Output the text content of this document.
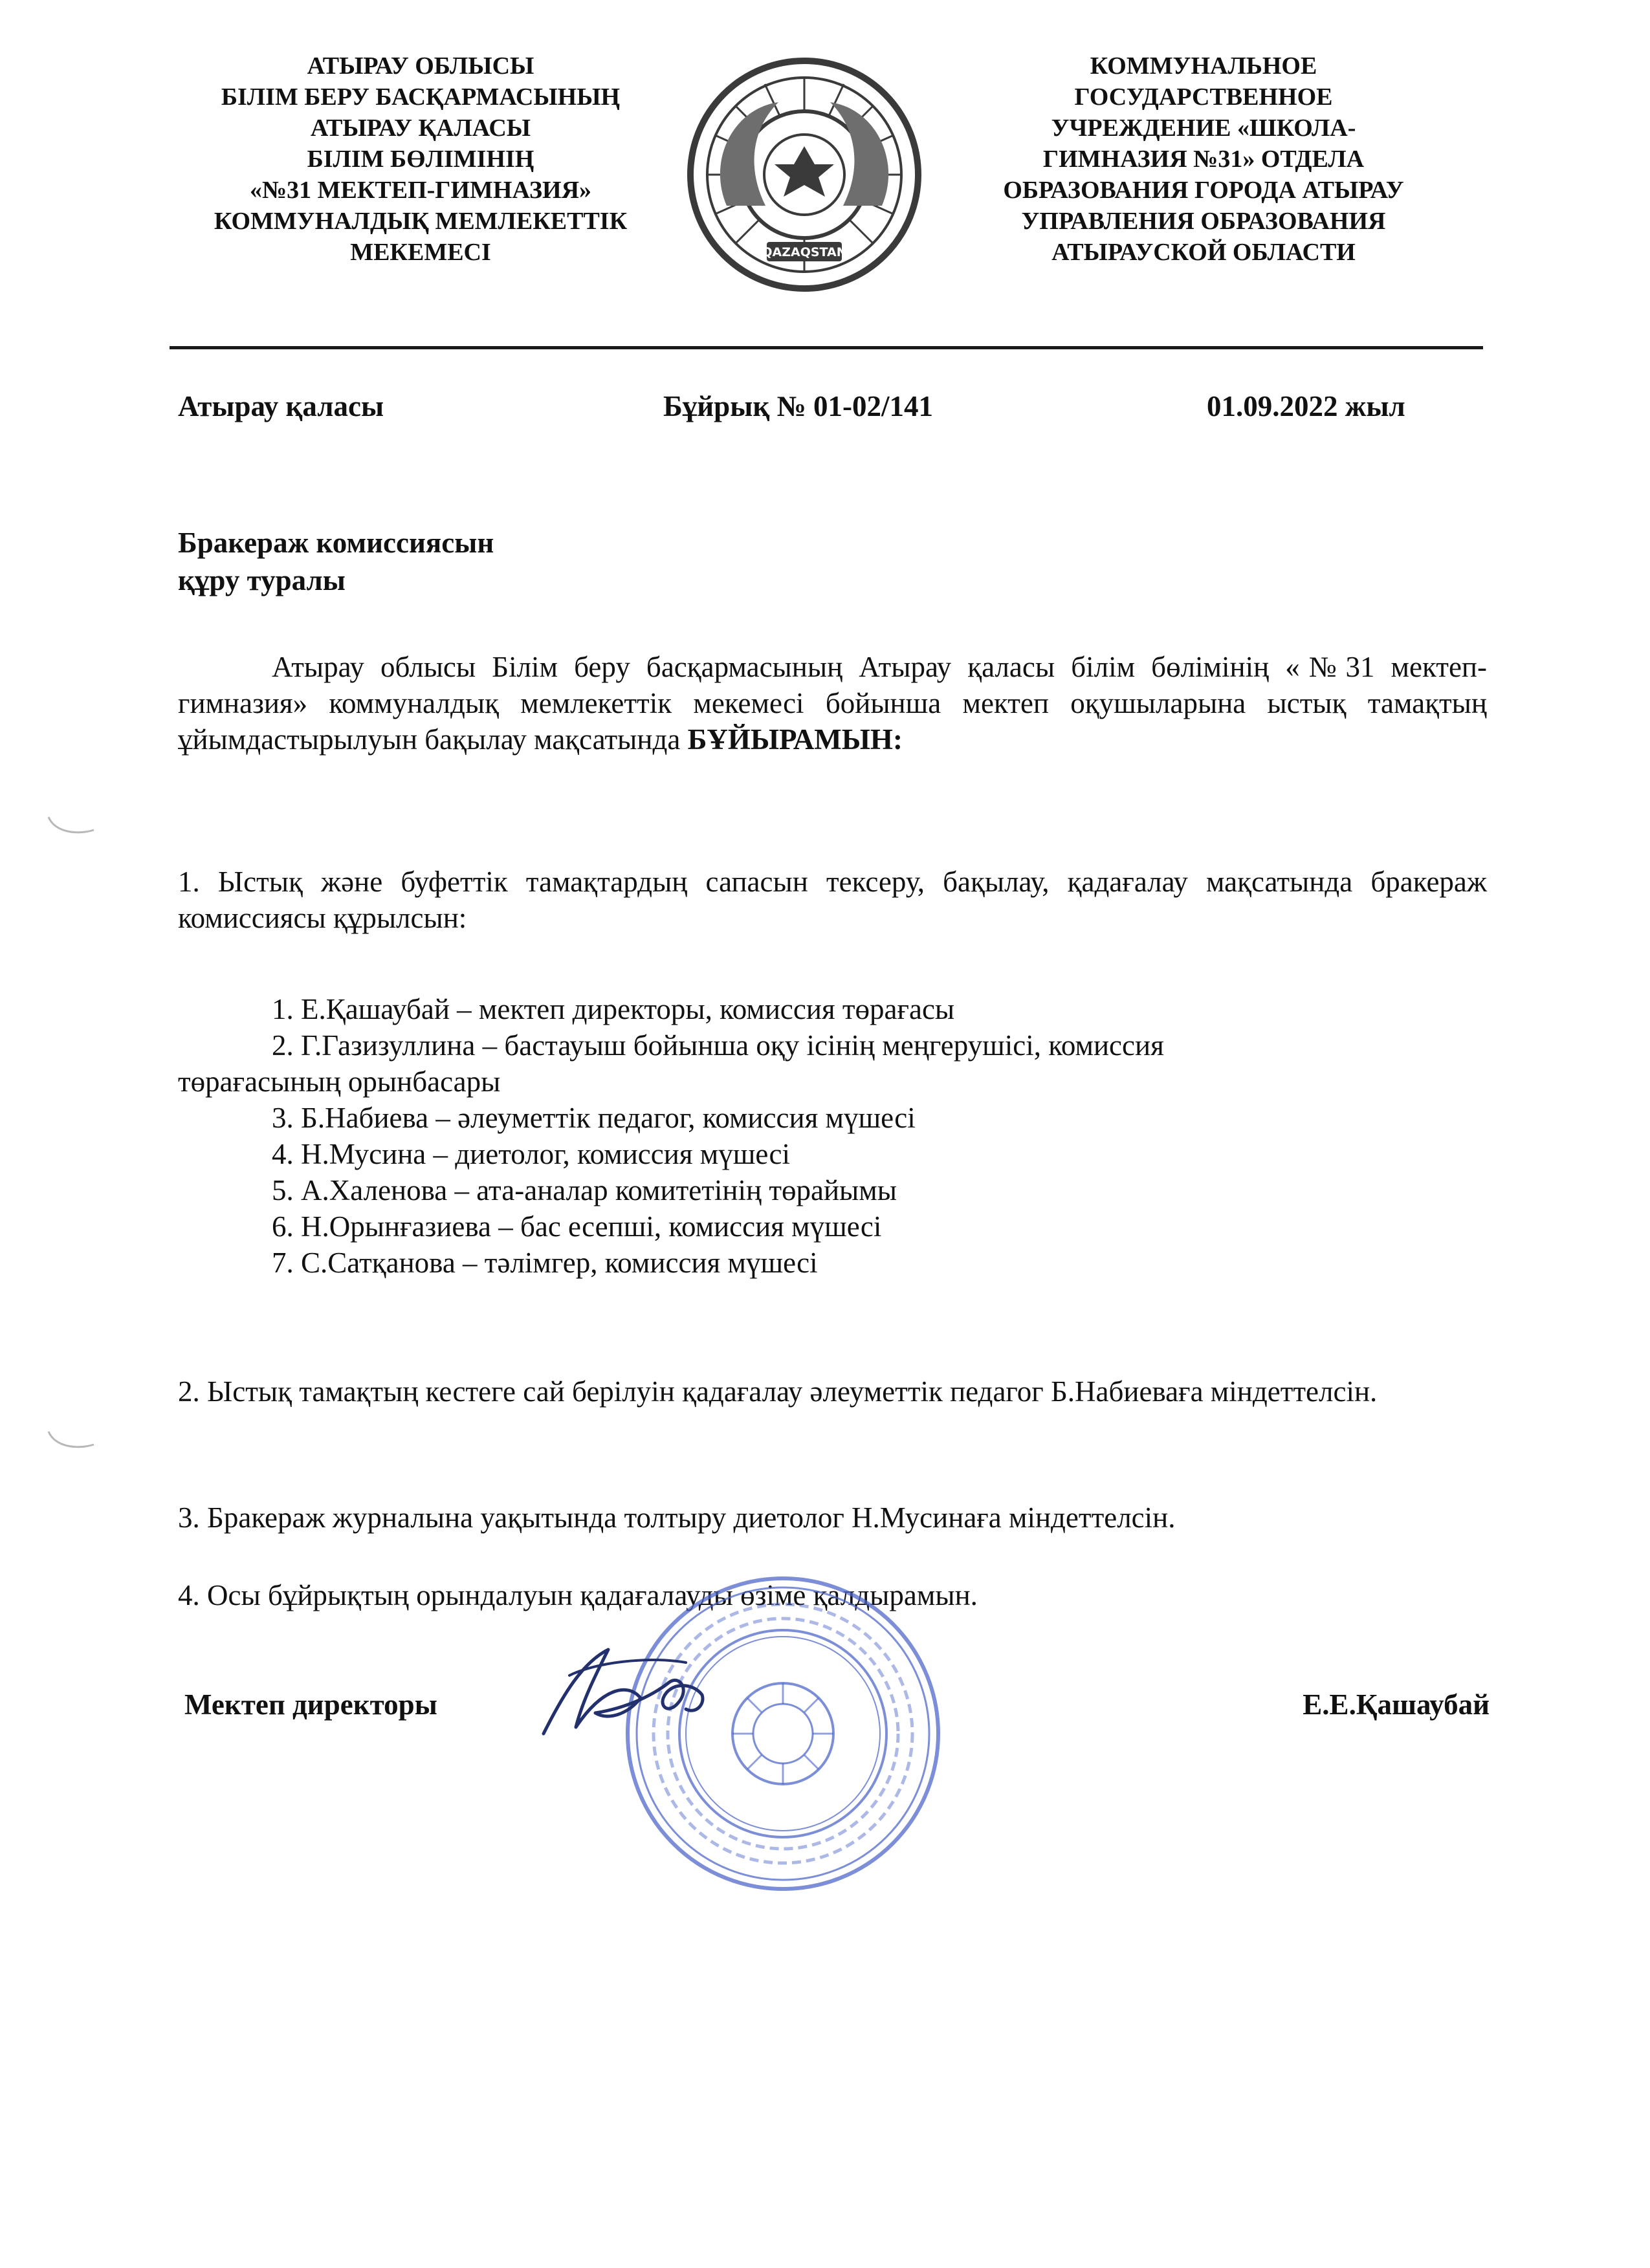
АТЫРАУ ОБЛЫСЫ
БІЛІМ БЕРУ БАСҚАРМАСЫНЫҢ
АТЫРАУ ҚАЛАСЫ
БІЛІМ БӨЛІМІНІҢ
«№31 МЕКТЕП-ГИМНАЗИЯ»
КОММУНАЛДЫҚ МЕМЛЕКЕТТІК
МЕКЕМЕСІ	QAZAQSTAN
КОММУНАЛЬНОЕ
ГОСУДАРСТВЕННОЕ
УЧРЕЖДЕНИЕ «ШКОЛА-
ГИМНАЗИЯ №31» ОТДЕЛА
ОБРАЗОВАНИЯ ГОРОДА АТЫРАУ
УПРАВЛЕНИЯ ОБРАЗОВАНИЯ
АТЫРАУСКОЙ ОБЛАСТИ
Атырау қаласы	Бұйрық № 01-02/141	01.09.2022 жыл
Бракераж комиссиясын
құру туралы
Атырау облысы Білім беру басқармасының Атырау қаласы білім бөлімінің «№31 мектеп-гимназия» коммуналдық мемлекеттік мекемесі бойынша мектеп оқушыларына ыстық тамақтың ұйымдастырылуын бақылау мақсатында БҰЙЫРАМЫН:
1. Ыстық және буфеттік тамақтардың сапасын тексеру, бақылау, қадағалау мақсатында бракераж комиссиясы құрылсын:
1. Е.Қашаубай – мектеп директоры, комиссия төрағасы
2. Г.Газизуллина – бастауыш бойынша оқу ісінің меңгерушісі, комиссия
төрағасының орынбасары
3. Б.Набиева – әлеуметтік педагог, комиссия мүшесі
4. Н.Мусина – диетолог, комиссия мүшесі
5. А.Халенова – ата-аналар комитетінің төрайымы
6. Н.Орынғазиева – бас есепші, комиссия мүшесі
7. С.Сатқанова – тәлімгер, комиссия мүшесі
2. Ыстық тамақтың кестеге сай берілуін қадағалау әлеуметтік педагог Б.Набиеваға міндеттелсін.
3. Бракераж журналына уақытында толтыру диетолог Н.Мусинаға міндеттелсін.
4. Осы бұйрықтың орындалуын қадағалауды өзіме қалдырамын.
Мектеп директоры	Е.Е.Қашаубай
